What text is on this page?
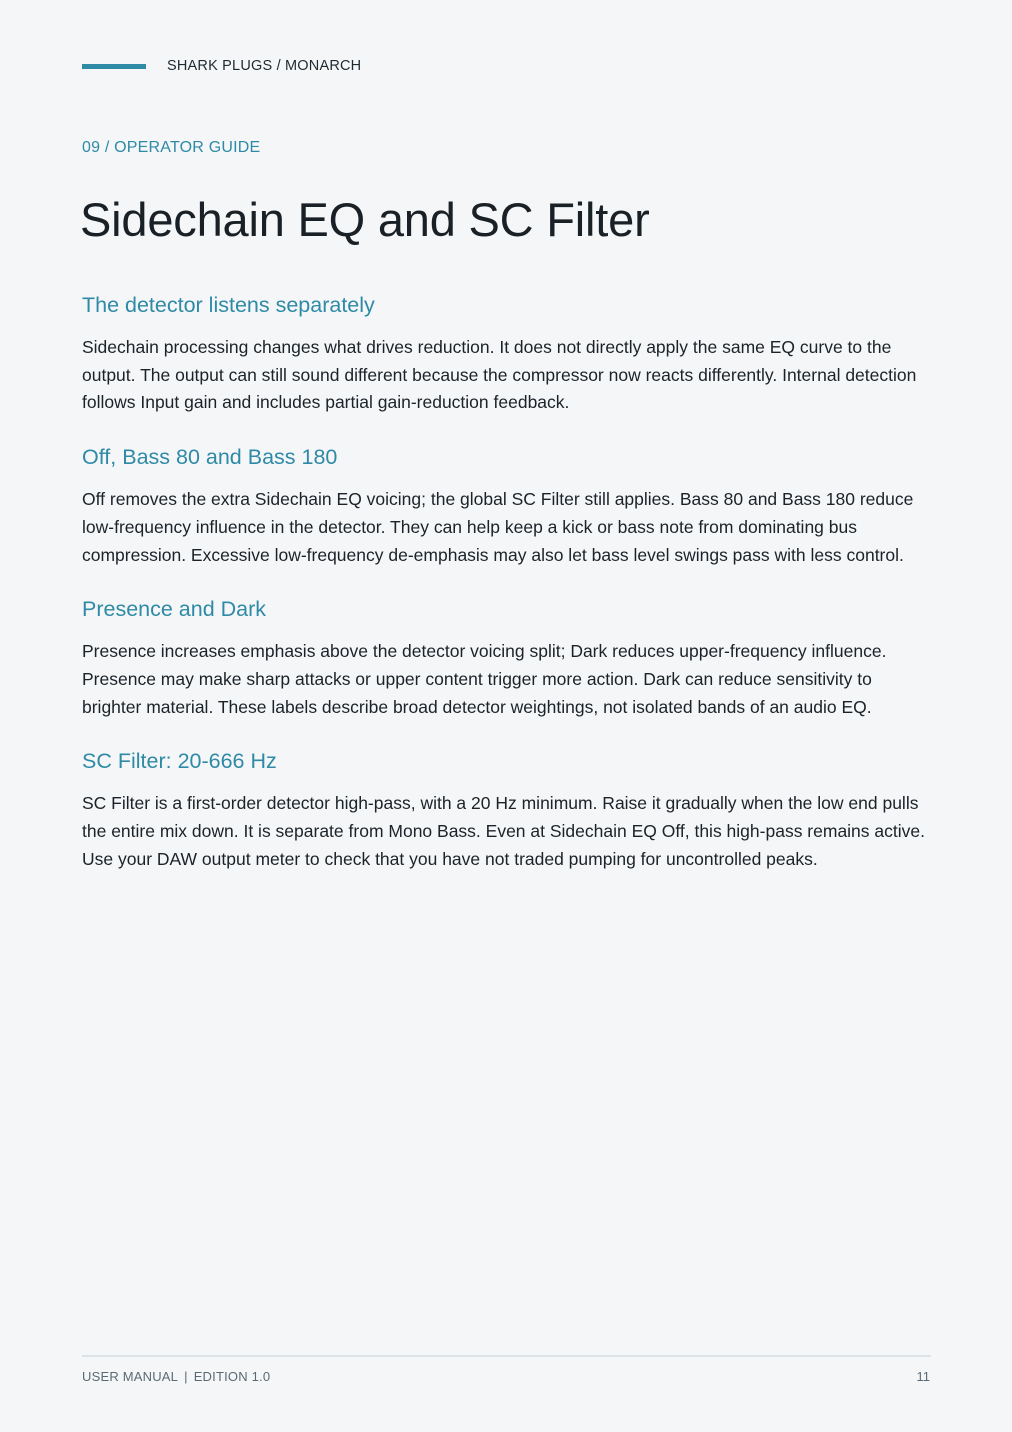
SHARK PLUGS / MONARCH
09 / OPERATOR GUIDE
Sidechain EQ and SC Filter
The detector listens separately

Sidechain processing changes what drives reduction. It does not directly apply the same EQ curve to the output. The output can still sound different because the compressor now reacts differently. Internal detection follows Input gain and includes partial gain-reduction feedback.

Off, Bass 80 and Bass 180

Off removes the extra Sidechain EQ voicing; the global SC Filter still applies. Bass 80 and Bass 180 reduce low-frequency influence in the detector. They can help keep a kick or bass note from dominating bus compression. Excessive low-frequency de-emphasis may also let bass level swings pass with less control.

Presence and Dark

Presence increases emphasis above the detector voicing split; Dark reduces upper-frequency influence. Presence may make sharp attacks or upper content trigger more action. Dark can reduce sensitivity to brighter material. These labels describe broad detector weightings, not isolated bands of an audio EQ.

SC Filter: 20-666 Hz

SC Filter is a first-order detector high-pass, with a 20 Hz minimum. Raise it gradually when the low end pulls the entire mix down. It is separate from Mono Bass. Even at Sidechain EQ Off, this high-pass remains active. Use your DAW output meter to check that you have not traded pumping for uncontrolled peaks.

USER MANUAL | EDITION 1.0	11
